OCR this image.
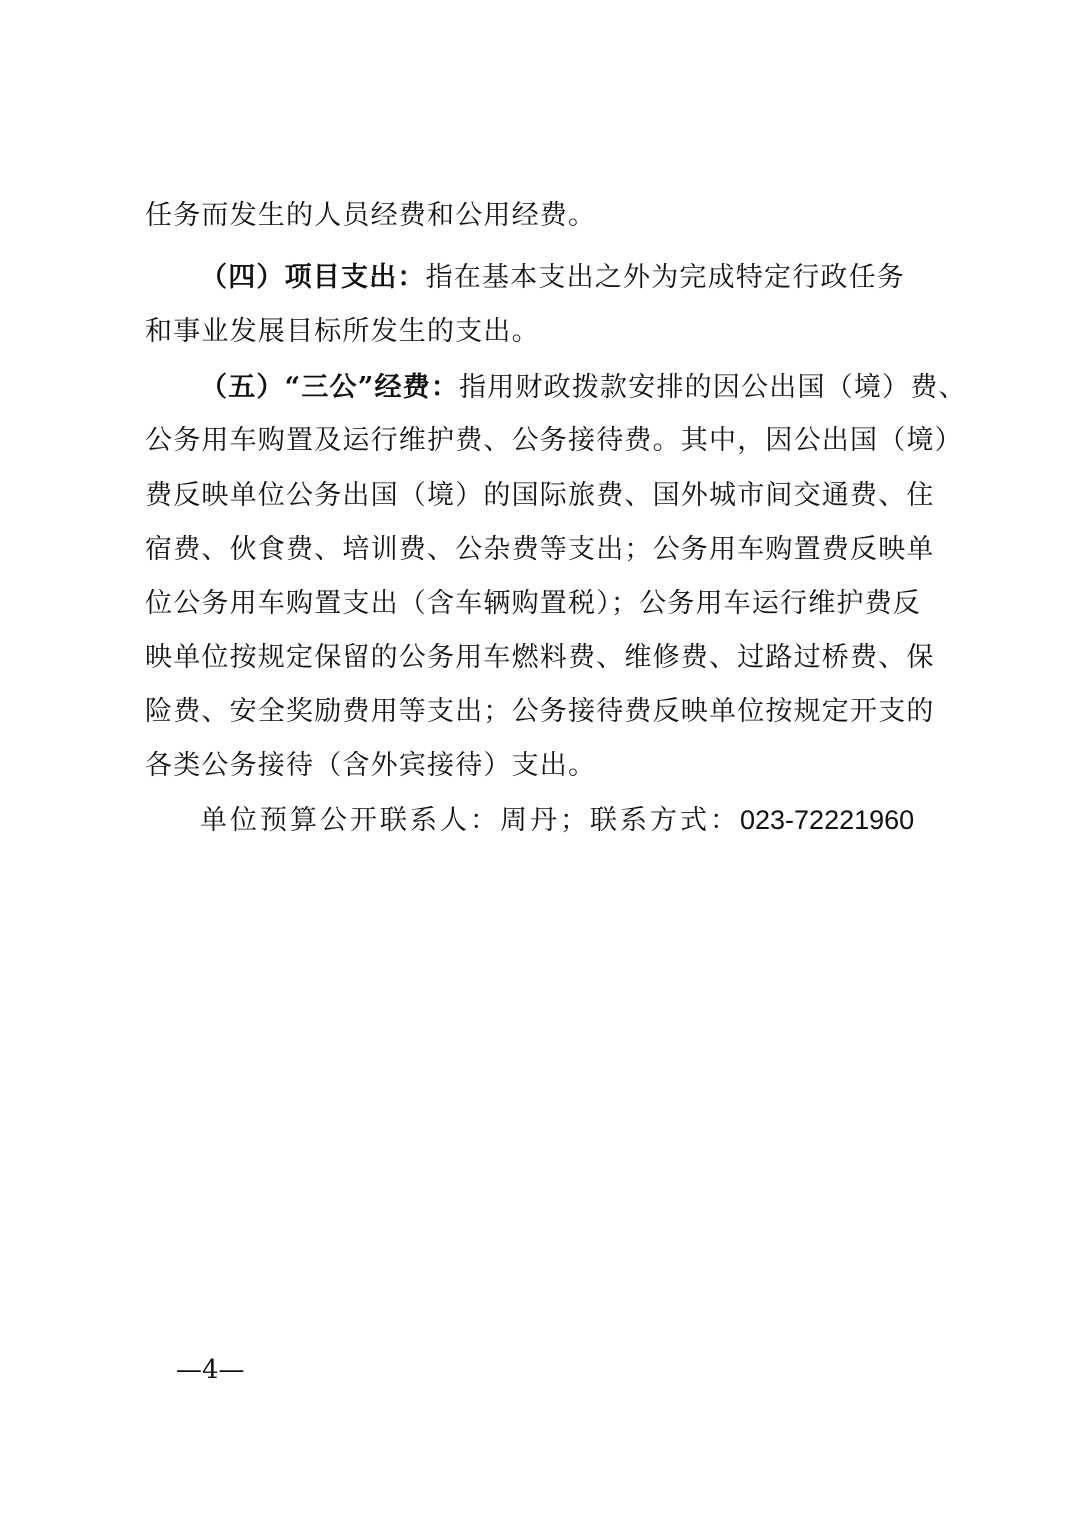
任务而发生的人员经费和公用经费。
（四）项目支出：指在基本支出之外为完成特定行政任务
和事业发展目标所发生的支出。
（五）“三公”经费：指用财政拨款安排的因公出国（境）费、
公务用车购置及运行维护费、公务接待费。其中，因公出国（境）
费反映单位公务出国（境）的国际旅费、国外城市间交通费、住
宿费、伙食费、培训费、公杂费等支出；公务用车购置费反映单
位公务用车购置支出（含车辆购置税）；公务用车运行维护费反
映单位按规定保留的公务用车燃料费、维修费、过路过桥费、保
险费、安全奖励费用等支出；公务接待费反映单位按规定开支的
各类公务接待（含外宾接待）支出。
单位预算公开联系人：周丹；联系方式：023-72221960
—4—
